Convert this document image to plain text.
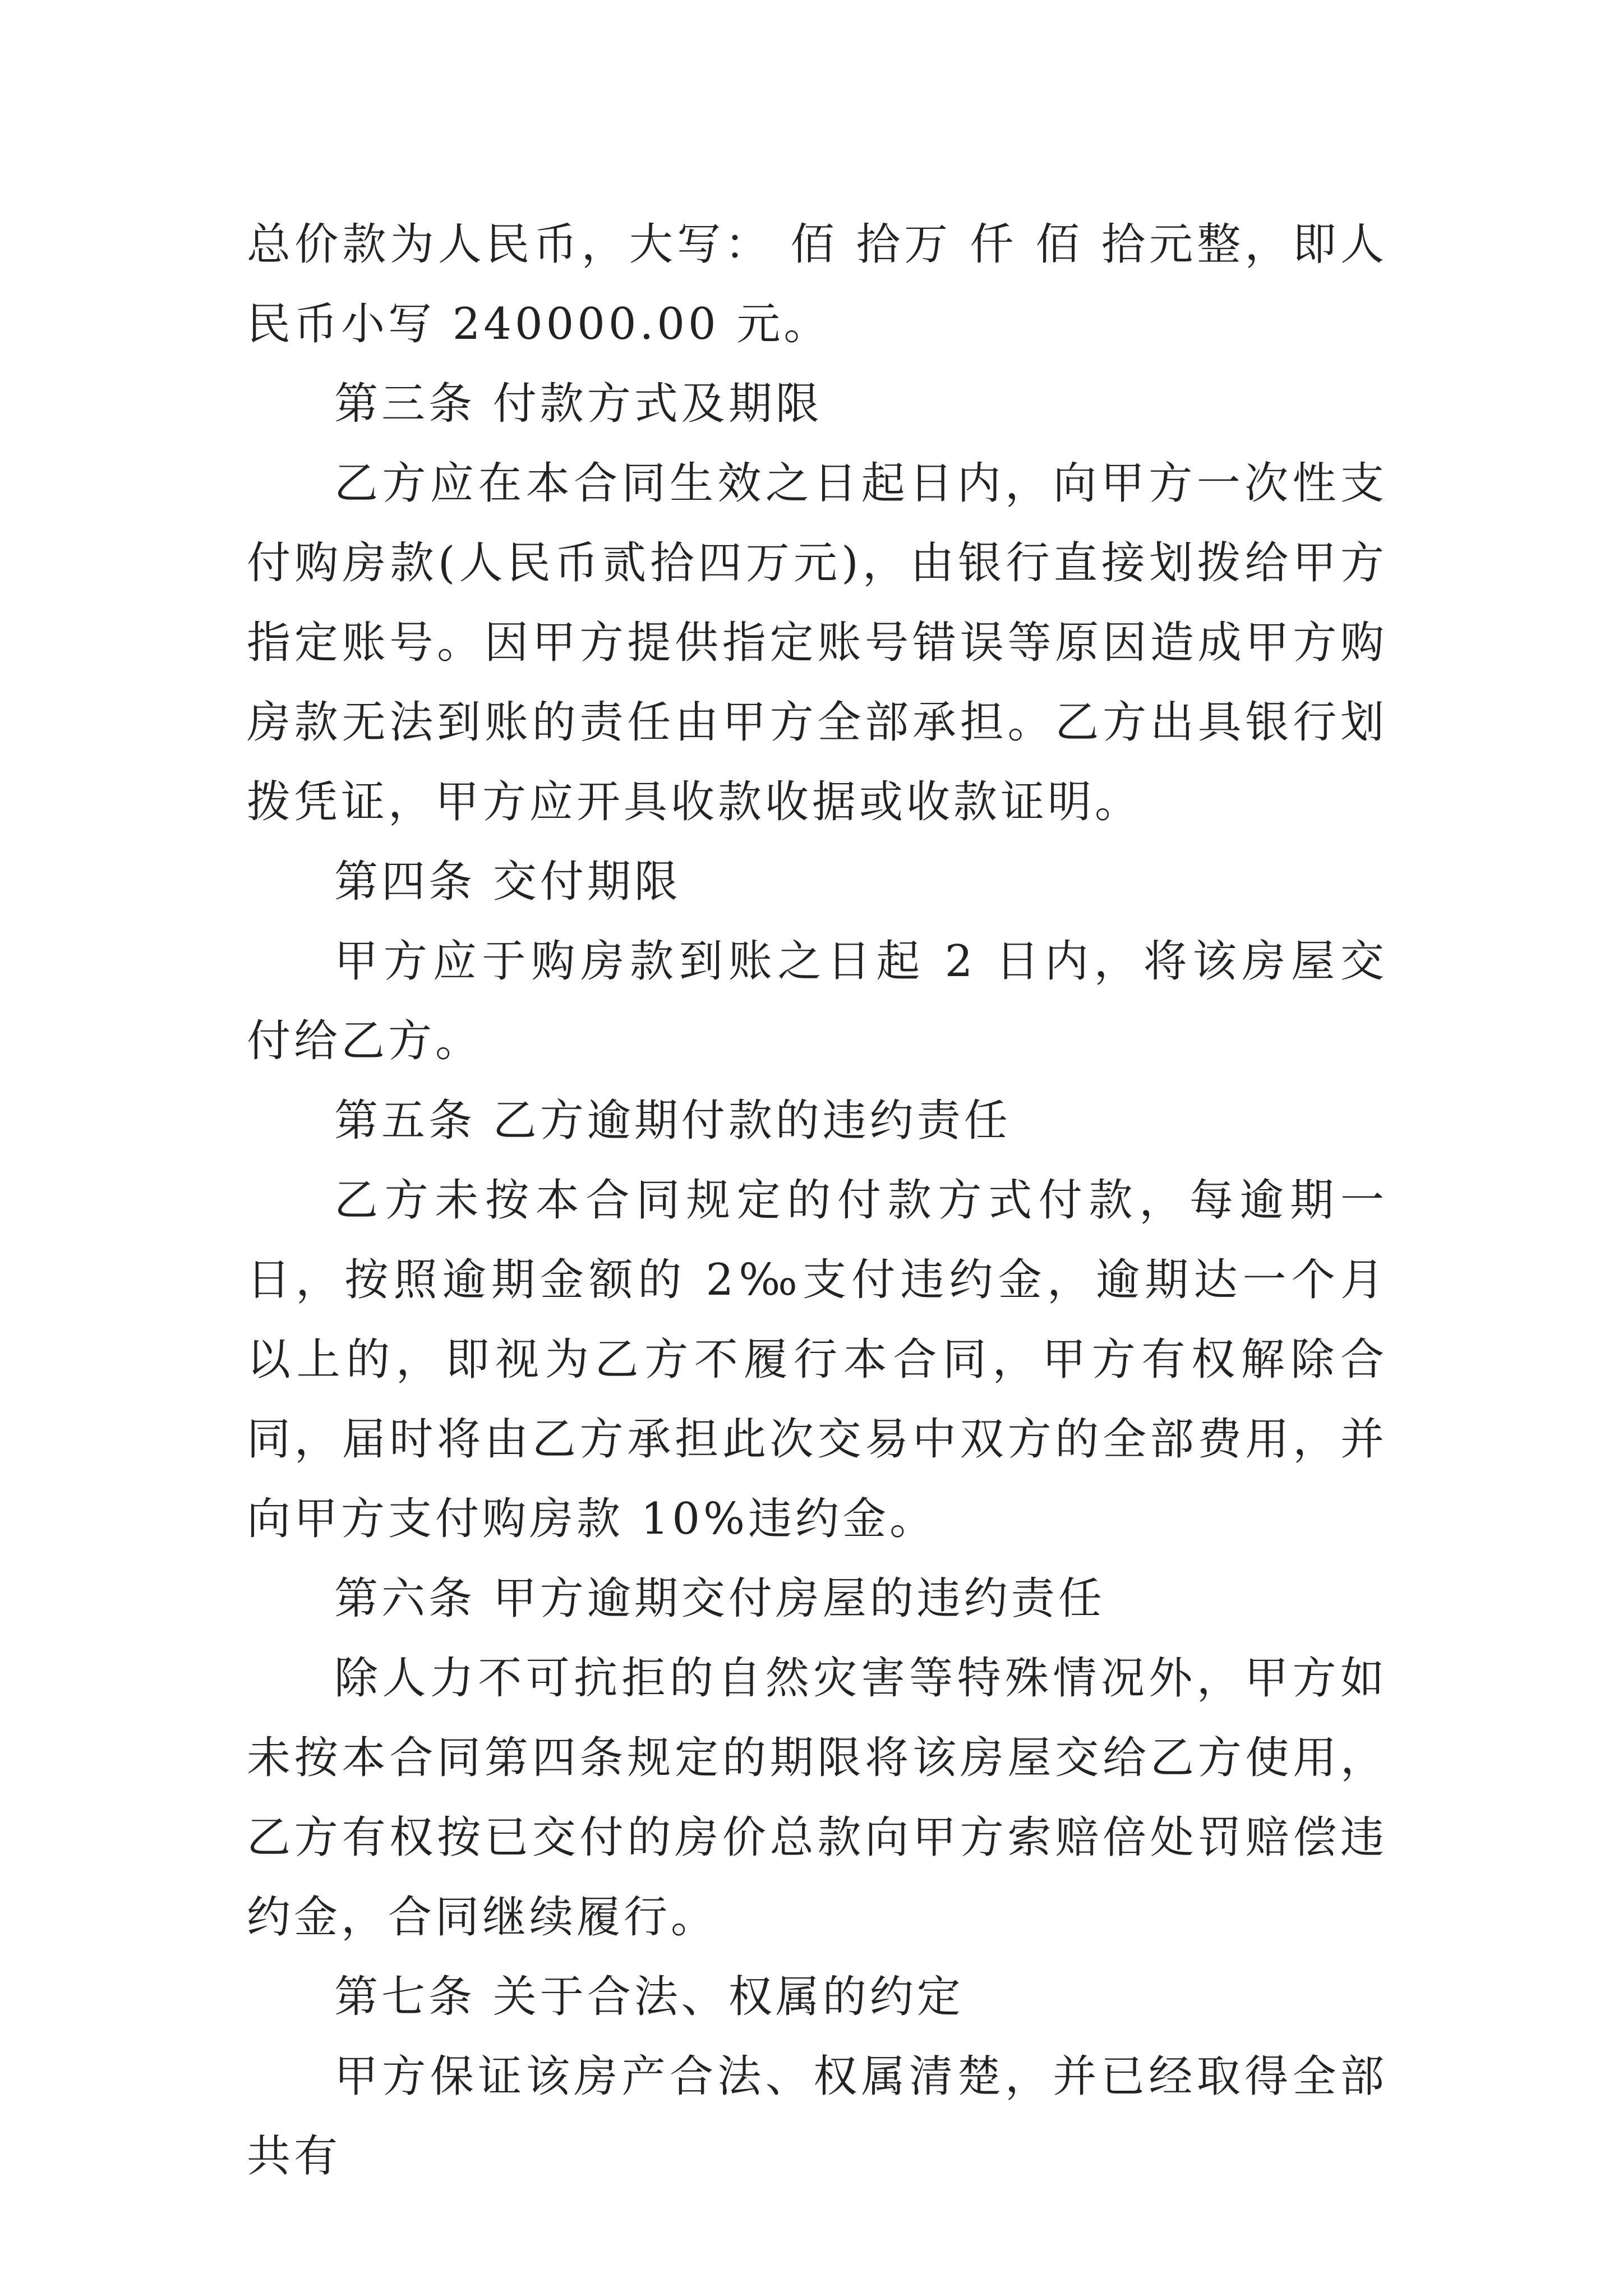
总价款为人民币，大写： 佰 拾万 仟 佰 拾元整，即人民币小写 240000.00 元。

第三条 付款方式及期限

乙方应在本合同生效之日起日内，向甲方一次性支付购房款(人民币贰拾四万元)，由银行直接划拨给甲方指定账号。因甲方提供指定账号错误等原因造成甲方购房款无法到账的责任由甲方全部承担。乙方出具银行划拨凭证，甲方应开具收款收据或收款证明。

第四条 交付期限

甲方应于购房款到账之日起 2 日内，将该房屋交付给乙方。

第五条 乙方逾期付款的违约责任

乙方未按本合同规定的付款方式付款，每逾期一日，按照逾期金额的 2‰支付违约金，逾期达一个月以上的，即视为乙方不履行本合同，甲方有权解除合同，届时将由乙方承担此次交易中双方的全部费用，并向甲方支付购房款 10%违约金。

第六条 甲方逾期交付房屋的违约责任

除人力不可抗拒的自然灾害等特殊情况外，甲方如未按本合同第四条规定的期限将该房屋交给乙方使用，乙方有权按已交付的房价总款向甲方索赔倍处罚赔偿违约金，合同继续履行。

第七条 关于合法、权属的约定

甲方保证该房产合法、权属清楚，并已经取得全部共有
